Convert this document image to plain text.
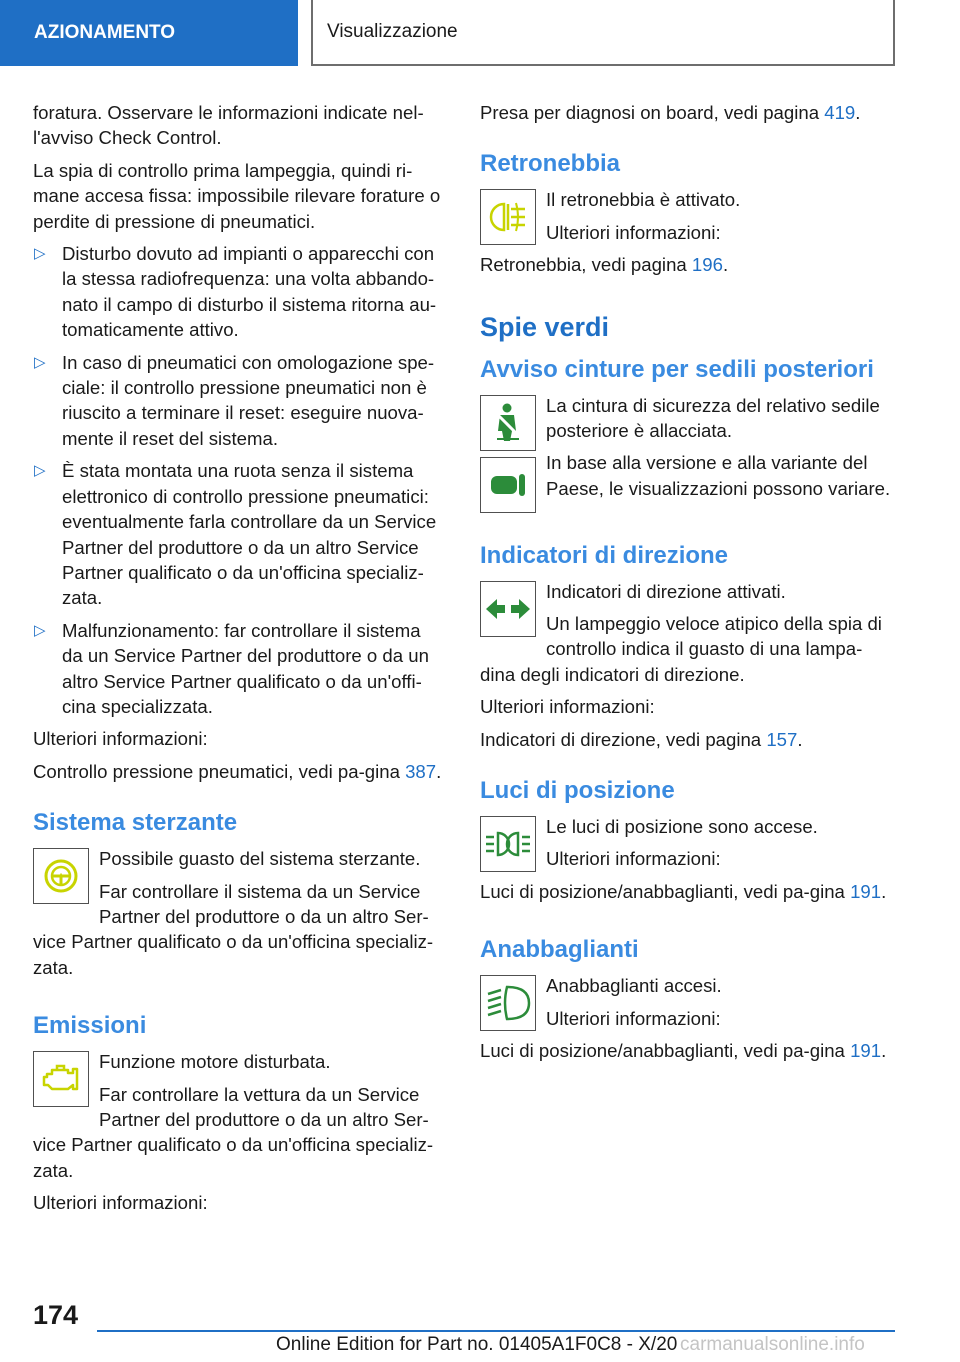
AZIONAMENTO	Visualizzazione

foratura. Osservare le informazioni indicate nel-l'avviso Check Control.

La spia di controllo prima lampeggia, quindi ri-mane accesa fissa: impossibile rilevare forature o perdite di pressione di pneumatici.

▷ Disturbo dovuto ad impianti o apparecchi con la stessa radiofrequenza: una volta abbando-nato il campo di disturbo il sistema ritorna au-tomaticamente attivo.
▷ In caso di pneumatici con omologazione spe-ciale: il controllo pressione pneumatici non è riuscito a terminare il reset: eseguire nuova-mente il reset del sistema.
▷ È stata montata una ruota senza il sistema elettronico di controllo pressione pneumatici: eventualmente farla controllare da un Service Partner del produttore o da un altro Service Partner qualificato o da un'officina specializ-zata.
▷ Malfunzionamento: far controllare il sistema da un Service Partner del produttore o da un altro Service Partner qualificato o da un'offi-cina specializzata.

Ulteriori informazioni:

Controllo pressione pneumatici, vedi pa-gina 387.

Sistema sterzante
!

Possibile guasto del sistema sterzante.

Far controllare il sistema da un Service Partner del produttore o da un altro Ser-vice Partner qualificato o da un'officina specializ-zata.

Emissioni

Funzione motore disturbata.

Far controllare la vettura da un Service Partner del produttore o da un altro Ser-vice Partner qualificato o da un'officina specializ-zata.

Ulteriori informazioni:

Presa per diagnosi on board, vedi pagina 419.

Retronebbia

Il retronebbia è attivato.

Ulteriori informazioni:

Retronebbia, vedi pagina 196.

Spie verdi
Avviso cinture per sedili posteriori

La cintura di sicurezza del relativo sedile posteriore è allacciata.

In base alla versione e alla variante del Paese, le visualizzazioni possono variare.

Indicatori di direzione

Indicatori di direzione attivati.

Un lampeggio veloce atipico della spia di controllo indica il guasto di una lampa-dina degli indicatori di direzione.

Ulteriori informazioni:

Indicatori di direzione, vedi pagina 157.

Luci di posizione

Le luci di posizione sono accese.

Ulteriori informazioni:

Luci di posizione/anabbaglianti, vedi pa-gina 191.

Anabbaglianti

Anabbaglianti accesi.

Ulteriori informazioni:

Luci di posizione/anabbaglianti, vedi pa-gina 191.

174
Online Edition for Part no. 01405A1F0C8 - X/20 carmanualsonline.info
